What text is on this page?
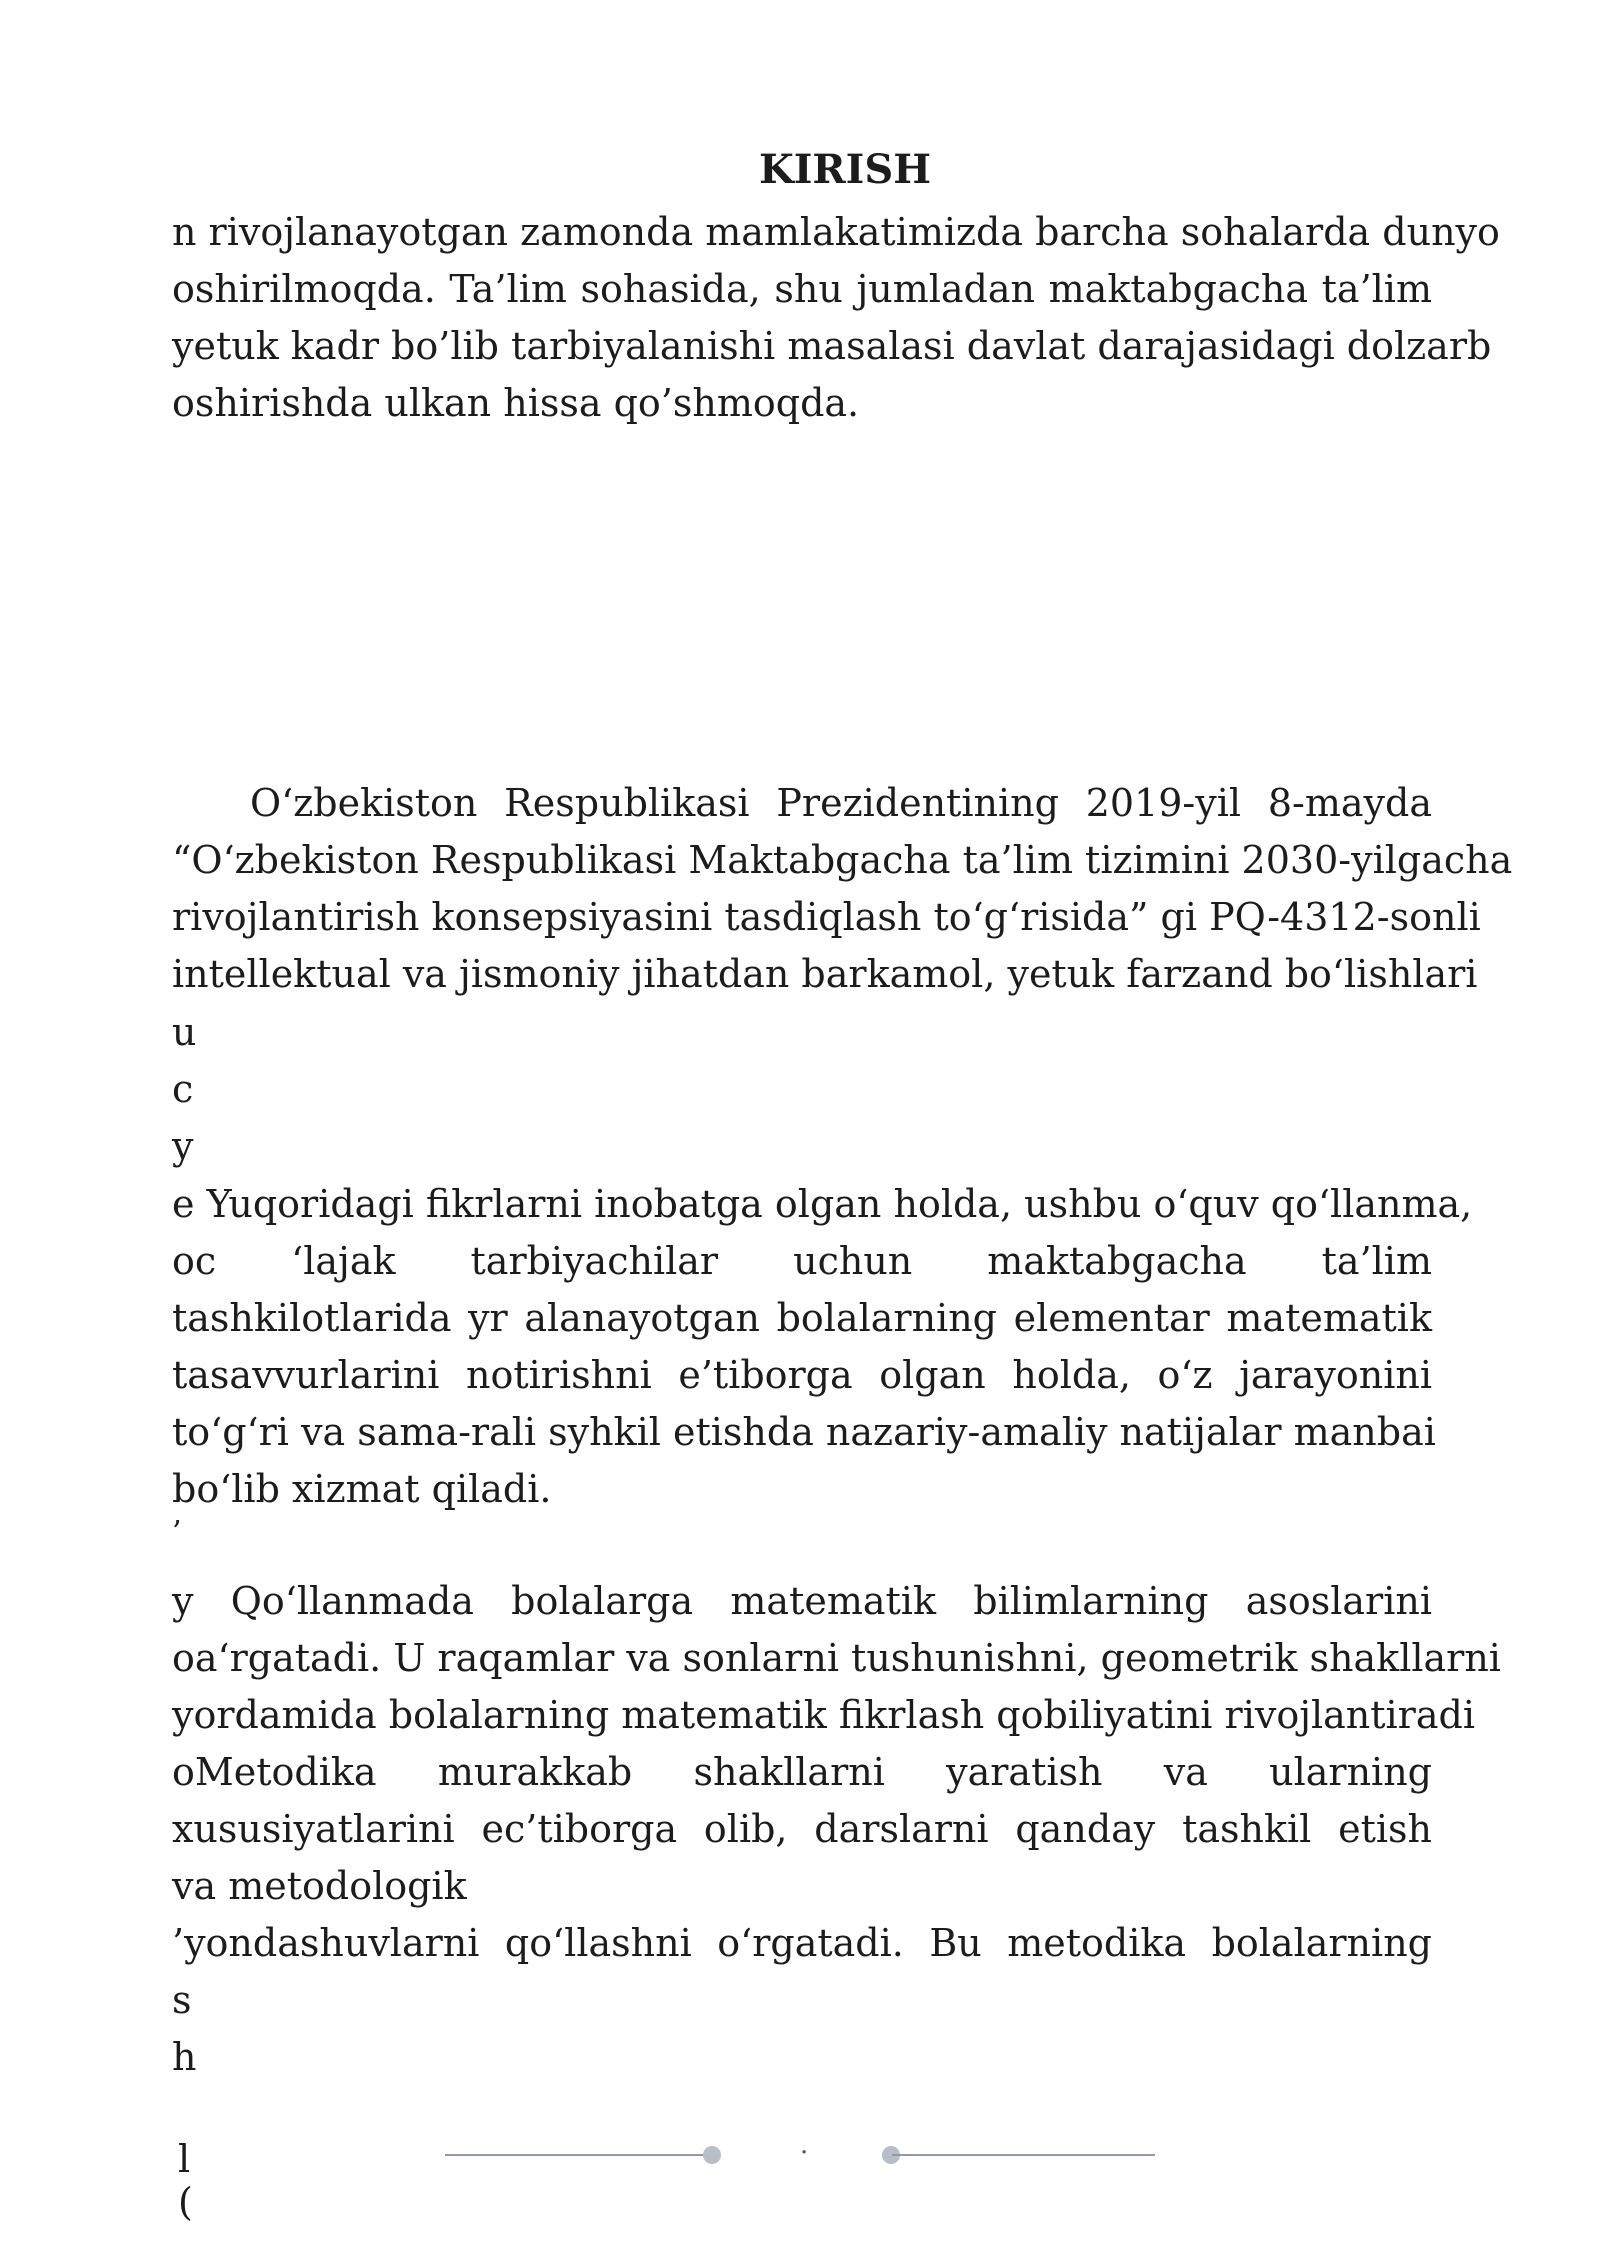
KIRISH
n rivojlanayotgan zamonda mamlakatimizda barcha sohalarda dunyo
oshirilmoqda. Ta’lim sohasida, shu jumladan maktabgacha ta’lim
yetuk kadr bo’lib tarbiyalanishi masalasi davlat darajasidagi dolzarb
oshirishda ulkan hissa qo’shmoqda.
O‘zbekiston Respublikasi Prezidentining 2019-yil 8-mayda
“O‘zbekiston Respublikasi Maktabgacha ta’lim tizimini 2030-yilgacha
rivojlantirish konsepsiyasini tasdiqlash to‘g‘risida” gi PQ-4312-sonli
intellektual va jismoniy jihatdan barkamol, yetuk farzand bo‘lishlari
u
c
y
e Yuqoridagi fikrlarni inobatga olgan holda, ushbu o‘quv qo‘llanma,
oc ‘lajak tarbiyachilar uchun maktabgacha ta’lim
tashkilotlarida yr alanayotgan bolalarning elementar matematik
tasavvurlarini notirishni e’tiborga olgan holda, o‘z jarayonini
to‘g‘ri va sama-rali syhkil etishda nazariy-amaliy natijalar manbai
bo‘lib xizmat qiladi.
’
y Qo‘llanmada bolalarga matematik bilimlarning asoslarini
oa‘rgatadi. U raqamlar va sonlarni tushunishni, geometrik shakllarni
yordamida bolalarning matematik fikrlash qobiliyatini rivojlantiradi
oMetodika murakkab shakllarni yaratish va ularning
xususiyatlarini ec’tiborga olib, darslarni qanday tashkil etish
va metodologik
’yondashuvlarni qo‘llashni o‘rgatadi. Bu metodika bolalarning
s
h
l
(
·
